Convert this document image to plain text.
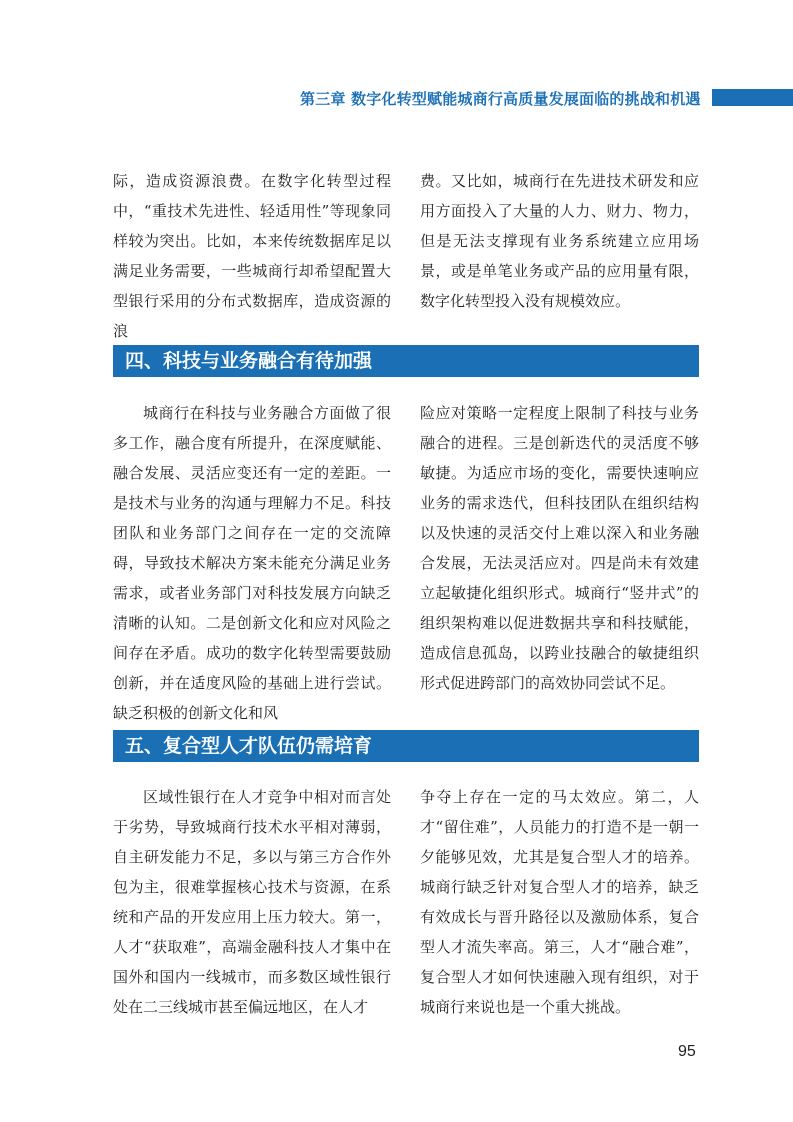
第三章 数字化转型赋能城商行高质量发展面临的挑战和机遇

际，造成资源浪费。在数字化转型过程中，“重技术先进性、轻适用性”等现象同样较为突出。比如，本来传统数据库足以满足业务需要，一些城商行却希望配置大型银行采用的分布式数据库，造成资源的浪

费。又比如，城商行在先进技术研发和应用方面投入了大量的人力、财力、物力，但是无法支撑现有业务系统建立应用场景，或是单笔业务或产品的应用量有限，数字化转型投入没有规模效应。

四、科技与业务融合有待加强

城商行在科技与业务融合方面做了很多工作，融合度有所提升，在深度赋能、融合发展、灵活应变还有一定的差距。一是技术与业务的沟通与理解力不足。科技团队和业务部门之间存在一定的交流障碍，导致技术解决方案未能充分满足业务需求，或者业务部门对科技发展方向缺乏清晰的认知。二是创新文化和应对风险之间存在矛盾。成功的数字化转型需要鼓励创新，并在适度风险的基础上进行尝试。缺乏积极的创新文化和风

险应对策略一定程度上限制了科技与业务融合的进程。三是创新迭代的灵活度不够敏捷。为适应市场的变化，需要快速响应业务的需求迭代，但科技团队在组织结构以及快速的灵活交付上难以深入和业务融合发展，无法灵活应对。四是尚未有效建立起敏捷化组织形式。城商行“竖井式”的组织架构难以促进数据共享和科技赋能，造成信息孤岛，以跨业技融合的敏捷组织形式促进跨部门的高效协同尝试不足。

五、复合型人才队伍仍需培育

区域性银行在人才竞争中相对而言处于劣势，导致城商行技术水平相对薄弱，自主研发能力不足，多以与第三方合作外包为主，很难掌握核心技术与资源，在系统和产品的开发应用上压力较大。第一，人才“获取难”，高端金融科技人才集中在国外和国内一线城市，而多数区域性银行处在二三线城市甚至偏远地区，在人才

争夺上存在一定的马太效应。第二，人才“留住难”，人员能力的打造不是一朝一夕能够见效，尤其是复合型人才的培养。城商行缺乏针对复合型人才的培养，缺乏有效成长与晋升路径以及激励体系，复合型人才流失率高。第三，人才“融合难”，复合型人才如何快速融入现有组织，对于城商行来说也是一个重大挑战。

95
